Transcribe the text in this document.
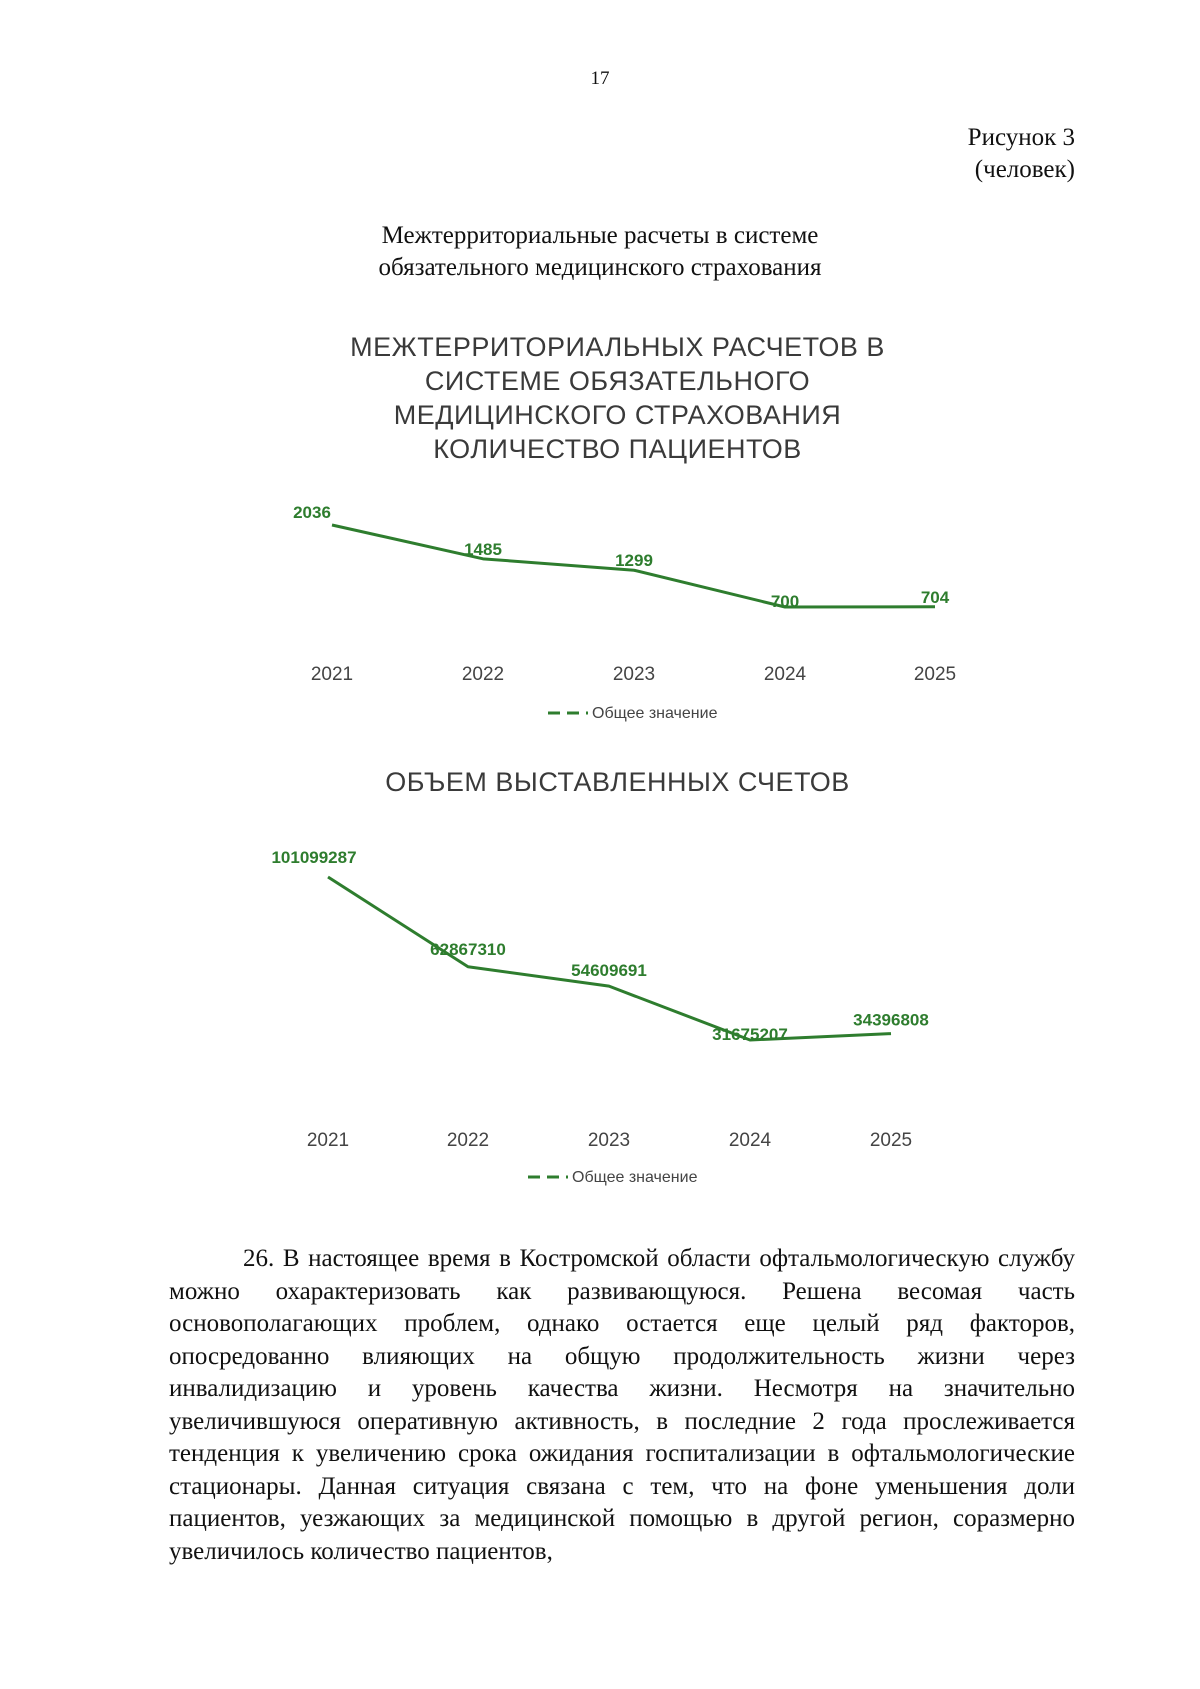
17
Рисунок 3
(человек)
Межтерриториальные расчеты в системе
обязательного медицинского страхования
МЕЖТЕРРИТОРИАЛЬНЫХ РАСЧЕТОВ В
СИСТЕМЕ ОБЯЗАТЕЛЬНОГО
МЕДИЦИНСКОГО СТРАХОВАНИЯ
КОЛИЧЕСТВО ПАЦИЕНТОВ
ОБЪЕМ ВЫСТАВЛЕННЫХ СЧЕТОВ
2036
1485
1299
700	704
2021	2022	2023	2024	2025
Общее значение
101099287
62867310
54609691
31675207
34396808
2021	2022	2023	2024	2025
Общее значение

26. В настоящее время в Костромской области офтальмологическую службу можно охарактеризовать как развивающуюся. Решена весомая часть основополагающих проблем, однако остается еще целый ряд факторов, опосредованно влияющих на общую продолжительность жизни через инвалидизацию и уровень качества жизни. Несмотря на значительно увеличившуюся оперативную активность, в последние 2 года прослеживается тенденция к увеличению срока ожидания госпитализации в офтальмологические стационары. Данная ситуация связана с тем, что на фоне уменьшения доли пациентов, уезжающих за медицинской помощью в другой регион, соразмерно увеличилось количество пациентов,
